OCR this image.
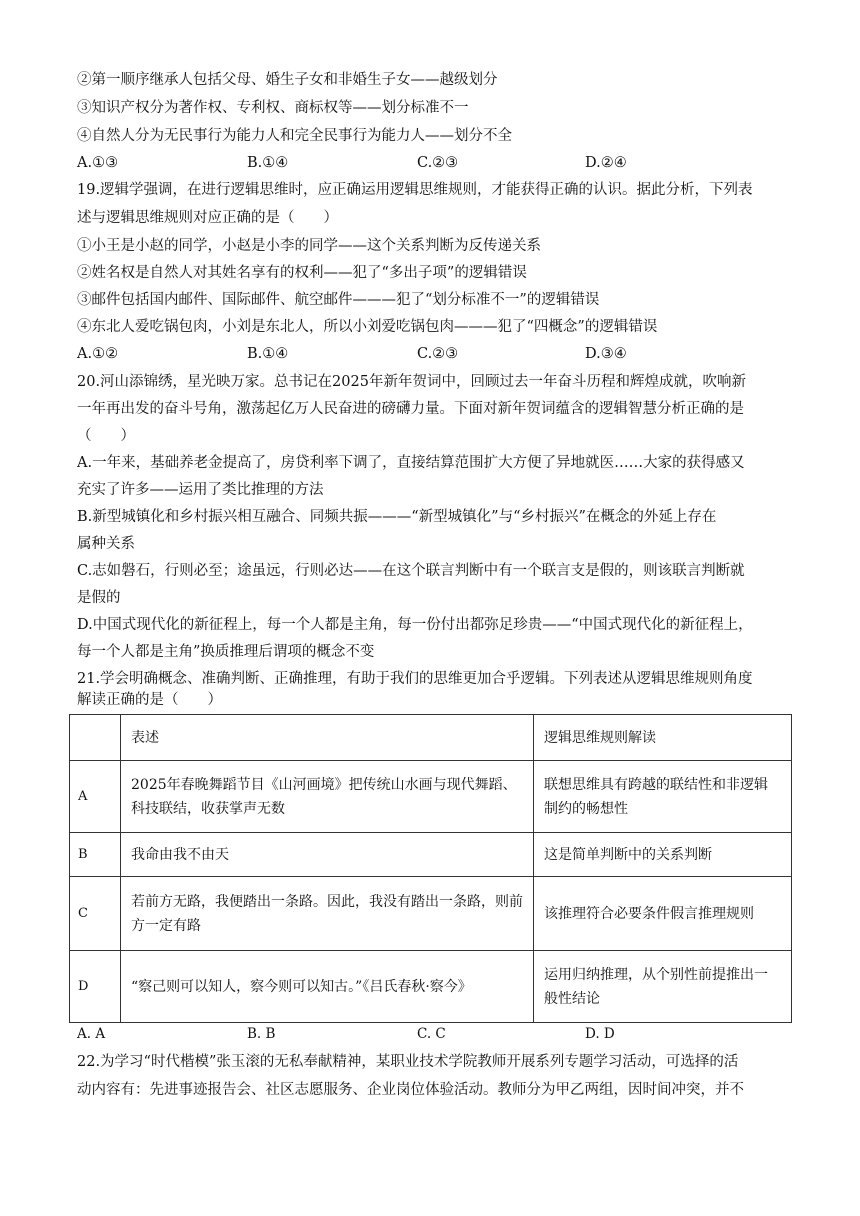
②第一顺序继承人包括父母、婚生子女和非婚生子女——越级划分
③知识产权分为著作权、专利权、商标权等——划分标准不一
④自然人分为无民事行为能力人和完全民事行为能力人——划分不全
A.①③	B.①④	C.②③	D.②④
19.逻辑学强调，在进行逻辑思维时，应正确运用逻辑思维规则，才能获得正确的认识。据此分析，下列表
述与逻辑思维规则对应正确的是（　　）
①小王是小赵的同学，小赵是小李的同学——这个关系判断为反传递关系
②姓名权是自然人对其姓名享有的权利——犯了“多出子项”的逻辑错误
③邮件包括国内邮件、国际邮件、航空邮件———犯了“划分标准不一”的逻辑错误
④东北人爱吃锅包肉，小刘是东北人，所以小刘爱吃锅包肉———犯了“四概念”的逻辑错误
A.①②	B.①④	C.②③	D.③④
20.河山添锦绣，星光映万家。总书记在2025年新年贺词中，回顾过去一年奋斗历程和辉煌成就，吹响新
一年再出发的奋斗号角，激荡起亿万人民奋进的磅礴力量。下面对新年贺词蕴含的逻辑智慧分析正确的是
（　　）
A.一年来，基础养老金提高了，房贷利率下调了，直接结算范围扩大方便了异地就医……大家的获得感又
充实了许多——运用了类比推理的方法
B.新型城镇化和乡村振兴相互融合、同频共振———“新型城镇化”与“乡村振兴”在概念的外延上存在
属种关系
C.志如磐石，行则必至；途虽远，行则必达——在这个联言判断中有一个联言支是假的，则该联言判断就
是假的
D.中国式现代化的新征程上，每一个人都是主角，每一份付出都弥足珍贵——“中国式现代化的新征程上，
每一个人都是主角”换质推理后谓项的概念不变
21.学会明确概念、准确判断、正确推理，有助于我们的思维更加合乎逻辑。下列表述从逻辑思维规则角度
解读正确的是（　　）
	表述	逻辑思维规则解读
A	2025年春晚舞蹈节目《山河画境》把传统山水画与现代舞蹈、科技联结，收获掌声无数	联想思维具有跨越的联结性和非逻辑制约的畅想性
B	我命由我不由天	这是简单判断中的关系判断
C	若前方无路，我便踏出一条路。因此，我没有踏出一条路，则前方一定有路	该推理符合必要条件假言推理规则
D	“察己则可以知人，察今则可以知古。”《吕氏春秋·察今》	运用归纳推理，从个别性前提推出一般性结论
A. A	B. B	C. C	D. D
22.为学习“时代楷模”张玉滚的无私奉献精神，某职业技术学院教师开展系列专题学习活动，可选择的活
动内容有：先进事迹报告会、社区志愿服务、企业岗位体验活动。教师分为甲乙两组，因时间冲突，并不
